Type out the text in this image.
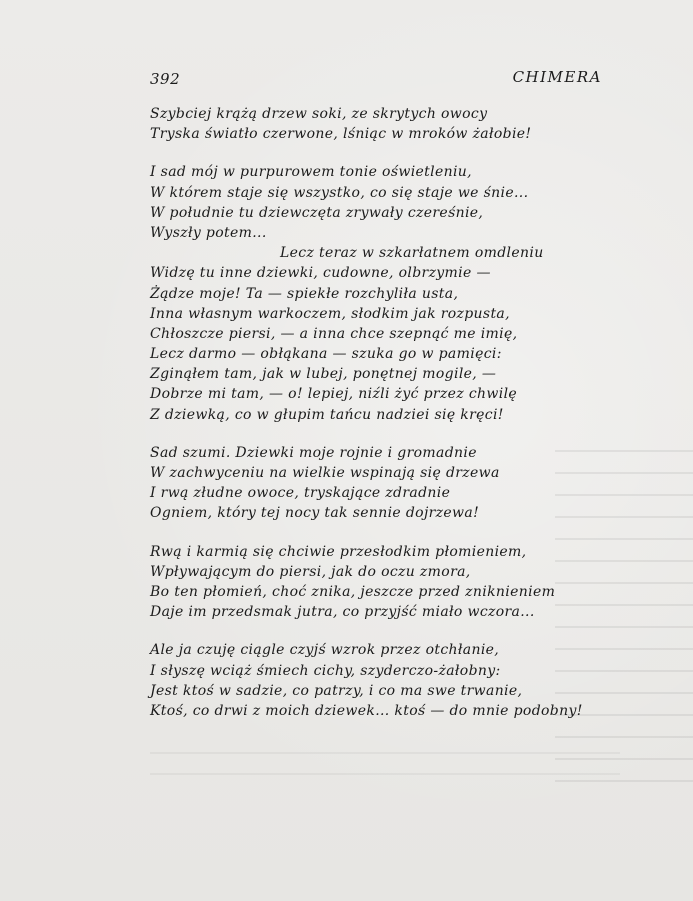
392	CHIMERA
Szybciej krążą drzew soki, ze skrytych owocy
Tryska światło czerwone, lśniąc w mroków żałobie!
I sad mój w purpurowem tonie oświetleniu,
W którem staje się wszystko, co się staje we śnie...
W południe tu dziewczęta zrywały czereśnie,
Wyszły potem...
Lecz teraz w szkarłatnem omdleniu
Widzę tu inne dziewki, cudowne, olbrzymie —
Żądze moje! Ta — spiekłe rozchyliła usta,
Inna własnym warkoczem, słodkim jak rozpusta,
Chłoszcze piersi, — a inna chce szepnąć me imię,
Lecz darmo — obłąkana — szuka go w pamięci:
Zginąłem tam, jak w lubej, ponętnej mogile, —
Dobrze mi tam, — o! lepiej, niźli żyć przez chwilę
Z dziewką, co w głupim tańcu nadziei się kręci!
Sad szumi. Dziewki moje rojnie i gromadnie
W zachwyceniu na wielkie wspinają się drzewa
I rwą złudne owoce, tryskające zdradnie
Ogniem, który tej nocy tak sennie dojrzewa!
Rwą i karmią się chciwie przesłodkim płomieniem,
Wpływającym do piersi, jak do oczu zmora,
Bo ten płomień, choć znika, jeszcze przed zniknieniem
Daje im przedsmak jutra, co przyjść miało wczora...
Ale ja czuję ciągle czyjś wzrok przez otchłanie,
I słyszę wciąż śmiech cichy, szyderczo-żałobny:
Jest ktoś w sadzie, co patrzy, i co ma swe trwanie,
Ktoś, co drwi z moich dziewek... ktoś — do mnie podobny!
